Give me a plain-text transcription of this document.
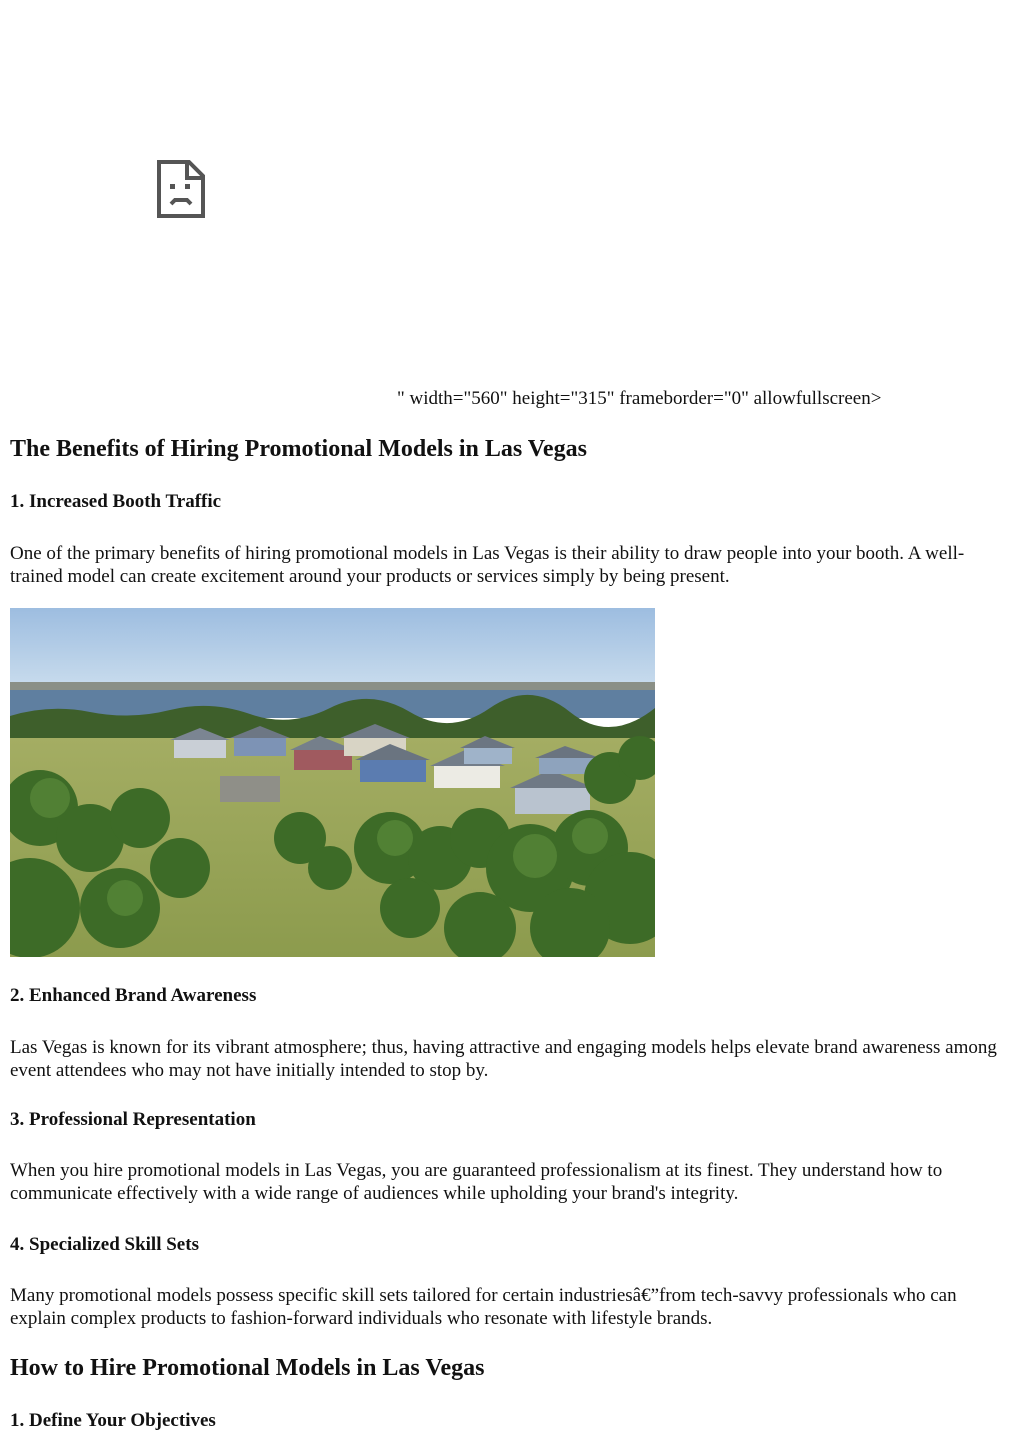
" width="560" height="315" frameborder="0" allowfullscreen>
The Benefits of Hiring Promotional Models in Las Vegas
1. Increased Booth Traffic

One of the primary benefits of hiring promotional models in Las Vegas is their ability to draw people into your booth. A well-trained model can create excitement around your products or services simply by being present.

2. Enhanced Brand Awareness

Las Vegas is known for its vibrant atmosphere; thus, having attractive and engaging models helps elevate brand awareness among event attendees who may not have initially intended to stop by.

3. Professional Representation

When you hire promotional models in Las Vegas, you are guaranteed professionalism at its finest. They understand how to communicate effectively with a wide range of audiences while upholding your brand's integrity.

4. Specialized Skill Sets

Many promotional models possess specific skill sets tailored for certain industriesâ€”from tech-savvy professionals who can explain complex products to fashion-forward individuals who resonate with lifestyle brands.

How to Hire Promotional Models in Las Vegas
1. Define Your Objectives
